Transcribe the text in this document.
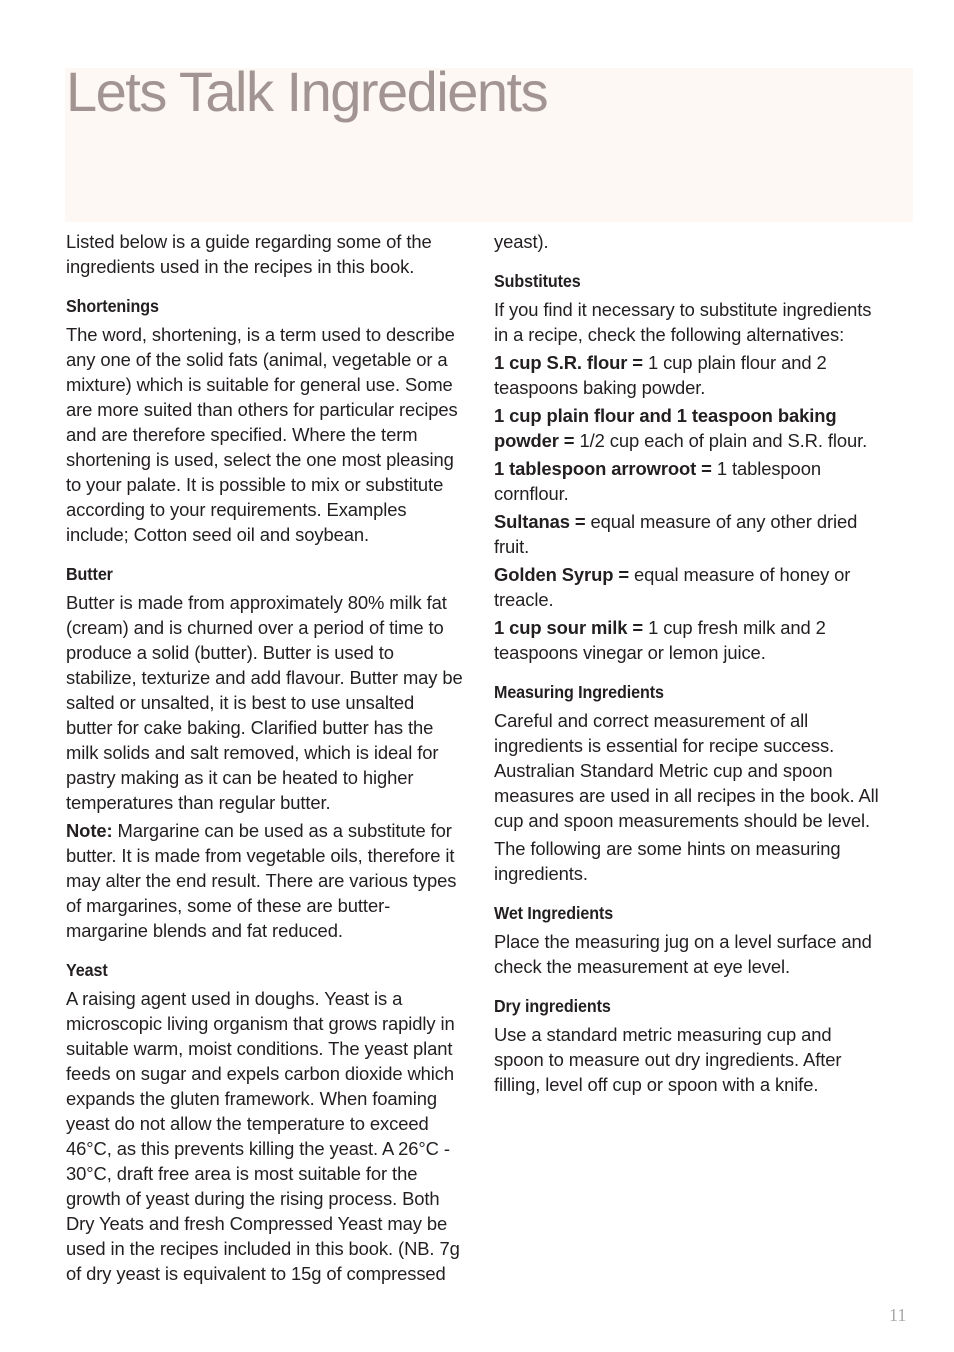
Lets Talk Ingredients

Listed below is a guide regarding some of the ingredients used in the recipes in this book.

Shortenings

The word, shortening, is a term used to describe any one of the solid fats (animal, vegetable or a mixture) which is suitable for general use. Some are more suited than others for particular recipes and are therefore specified. Where the term shortening is used, select the one most pleasing to your palate. It is possible to mix or substitute according to your requirements. Examples include; Cotton seed oil and soybean.

Butter

Butter is made from approximately 80% milk fat (cream) and is churned over a period of time to produce a solid (butter). Butter is used to stabilize, texturize and add flavour. Butter may be salted or unsalted, it is best to use unsalted butter for cake baking. Clarified butter has the milk solids and salt removed, which is ideal for pastry making as it can be heated to higher temperatures than regular butter.

Note: Margarine can be used as a substitute for butter. It is made from vegetable oils, therefore it may alter the end result. There are various types of margarines, some of these are butter-margarine blends and fat reduced.

Yeast

A raising agent used in doughs. Yeast is a microscopic living organism that grows rapidly in suitable warm, moist conditions. The yeast plant feeds on sugar and expels carbon dioxide which expands the gluten framework. When foaming yeast do not allow the temperature to exceed 46°C, as this prevents killing the yeast. A 26°C - 30°C, draft free area is most suitable for the growth of yeast during the rising process. Both Dry Yeats and fresh Compressed Yeast may be used in the recipes included in this book. (NB. 7g of dry yeast is equivalent to 15g of compressed

yeast).

Substitutes

If you find it necessary to substitute ingredients in a recipe, check the following alternatives:

1 cup S.R. flour = 1 cup plain flour and 2 teaspoons baking powder.

1 cup plain flour and 1 teaspoon baking powder = 1/2 cup each of plain and S.R. flour.

1 tablespoon arrowroot = 1 tablespoon cornflour.

Sultanas = equal measure of any other dried fruit.

Golden Syrup = equal measure of honey or treacle.

1 cup sour milk = 1 cup fresh milk and 2 teaspoons vinegar or lemon juice.

Measuring Ingredients

Careful and correct measurement of all ingredients is essential for recipe success. Australian Standard Metric cup and spoon measures are used in all recipes in the book. All cup and spoon measurements should be level.

The following are some hints on measuring ingredients.

Wet Ingredients

Place the measuring jug on a level surface and check the measurement at eye level.

Dry ingredients

Use a standard metric measuring cup and spoon to measure out dry ingredients. After filling, level off cup or spoon with a knife.

11
